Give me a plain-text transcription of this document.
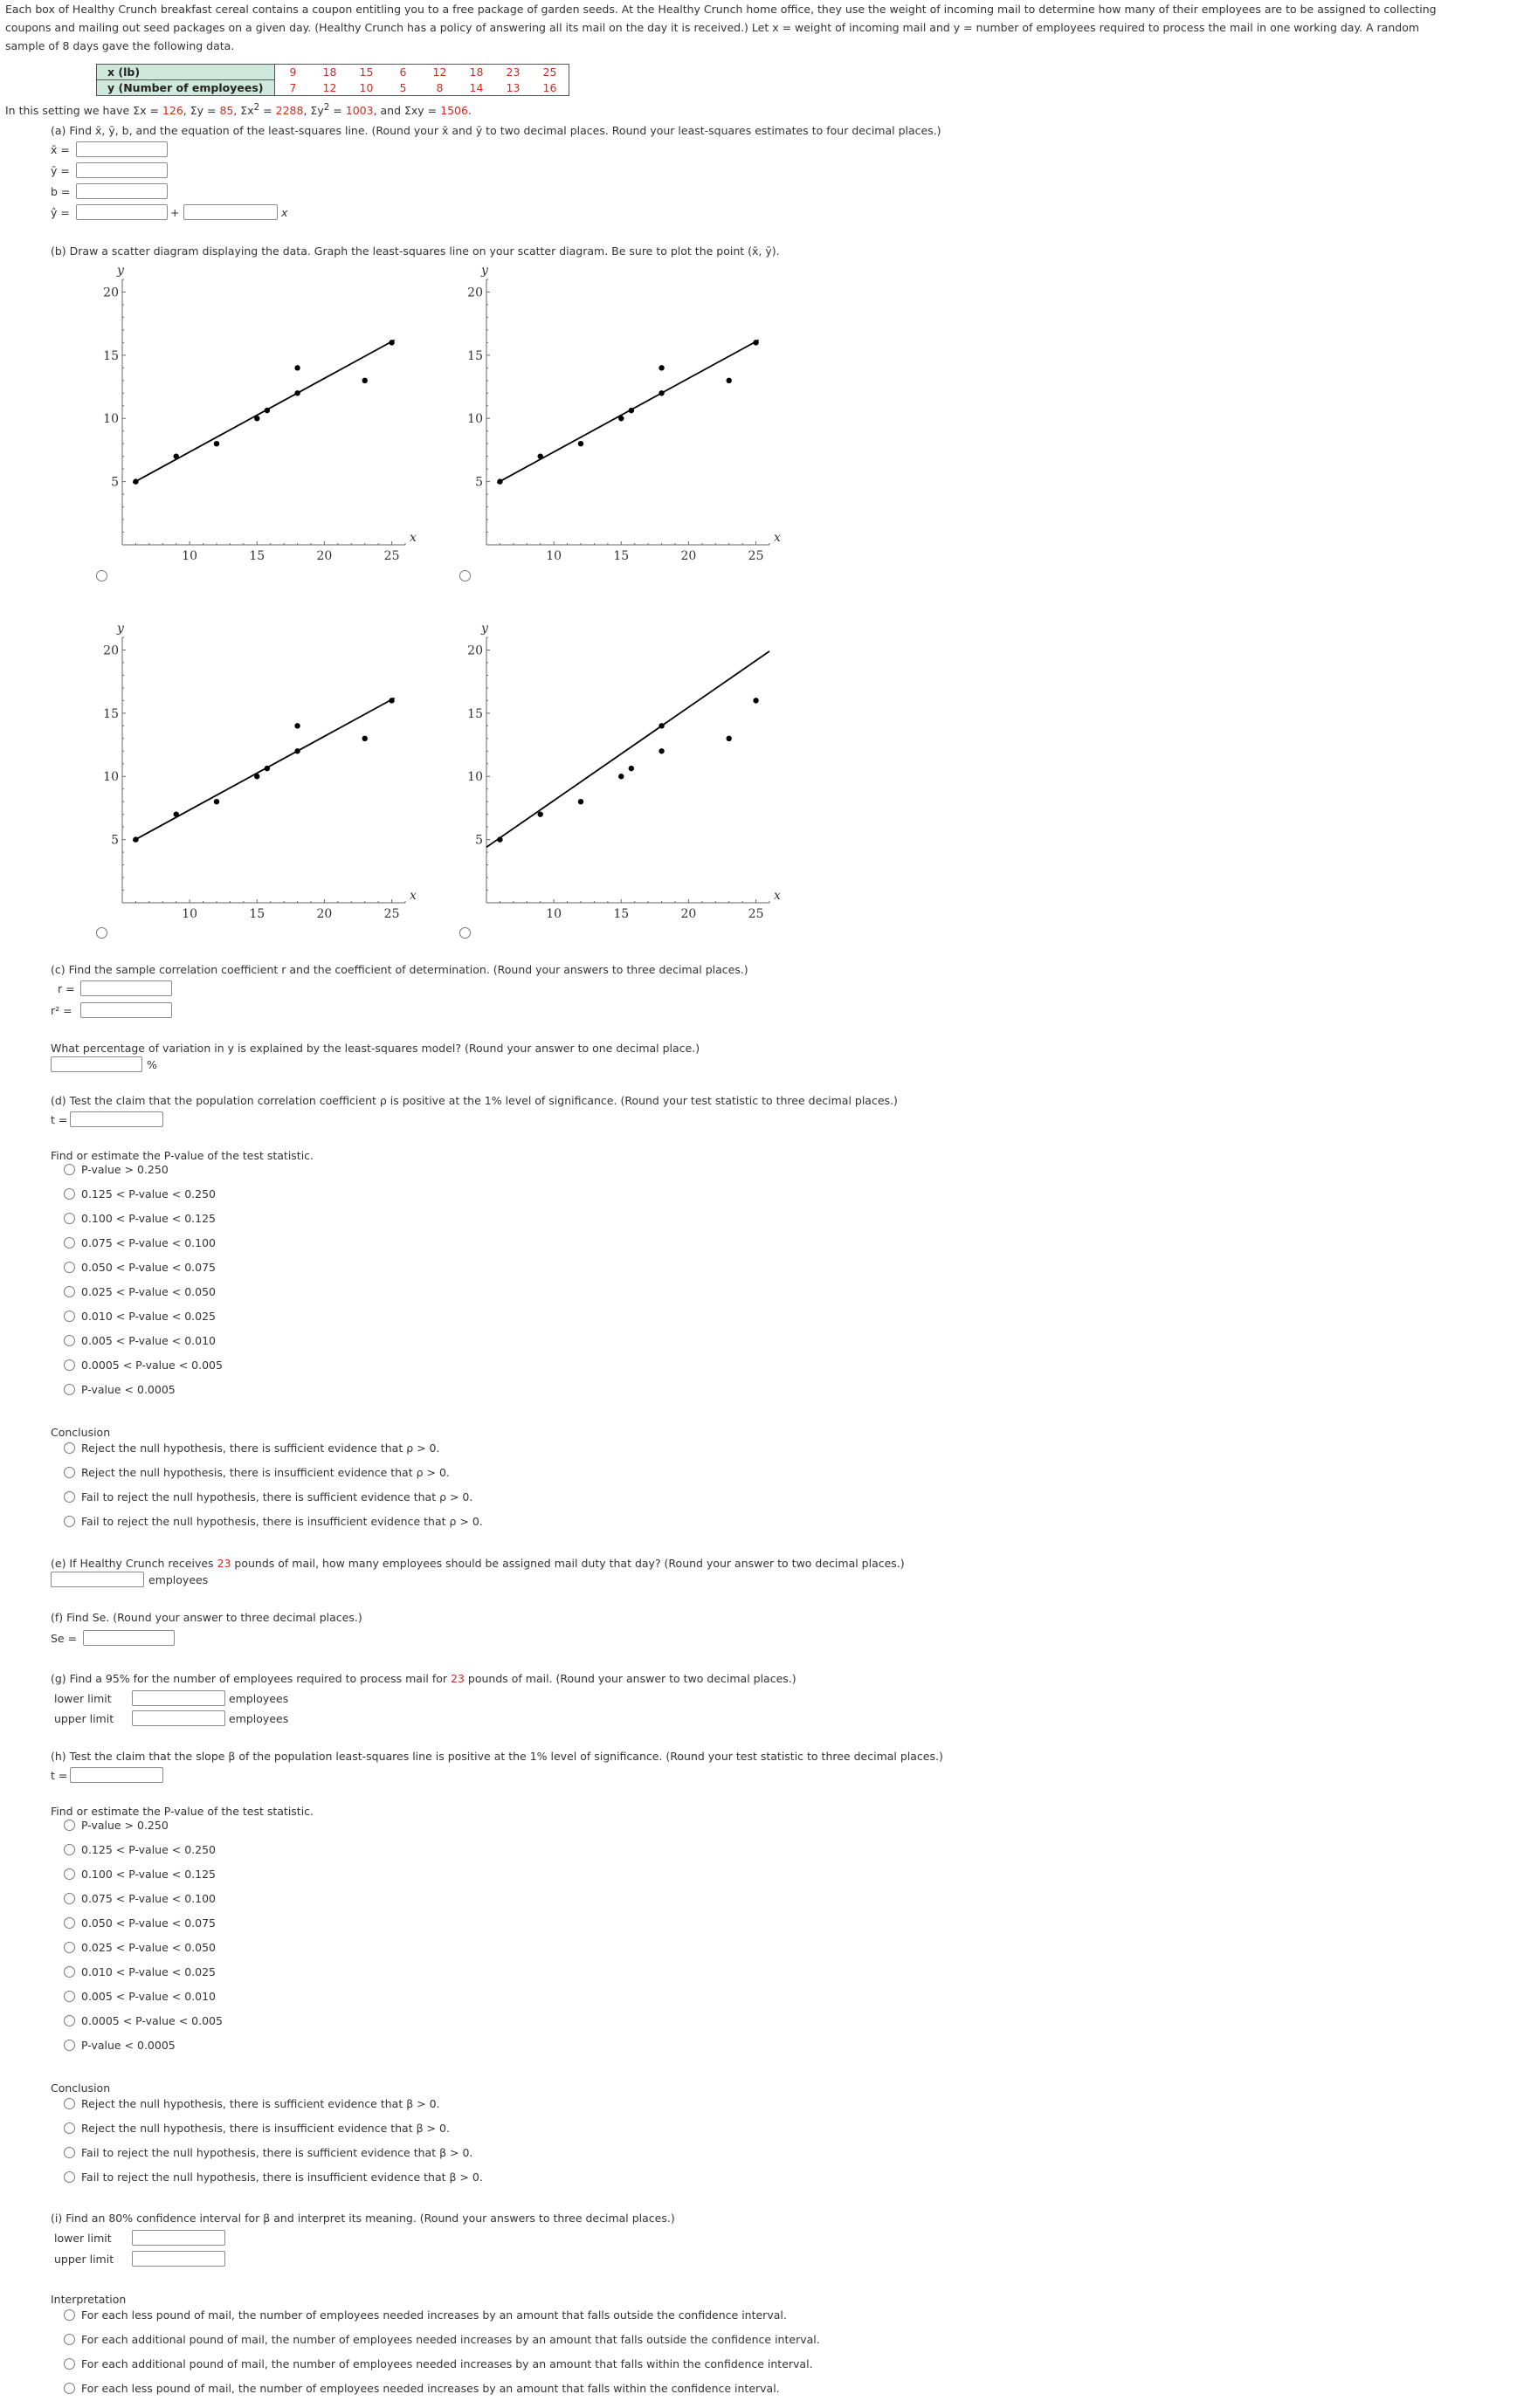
Each box of Healthy Crunch breakfast cereal contains a coupon entitling you to a free package of garden seeds. At the Healthy Crunch home office, they use the weight of incoming mail to determine how many of their employees are to be assigned to collecting
coupons and mailing out seed packages on a given day. (Healthy Crunch has a policy of answering all its mail on the day it is received.) Let x = weight of incoming mail and y = number of employees required to process the mail in one working day. A random
sample of 8 days gave the following data.
x (lb)	9	18	15	6	12	18	23	25
y (Number of employees)	7	12	10	5	8	14	13	16
In this setting we have Σx = 126, Σy = 85, $\Sigma x^2 = 2288$, $\Sigma y^2 = 1003$, and Σxy = 1506.
(a) Find x̄, ȳ, b, and the equation of the least-squares line. (Round your x̄ and ȳ to two decimal places. Round your least-squares estimates to four decimal places.)
x̄ =
ȳ =
b =
ŷ =	+	x
(b) Draw a scatter diagram displaying the data. Graph the least-squares line on your scatter diagram. Be sure to plot the point (x̄, ȳ).
10	15	20	25
5
10
15
20
x
y
10	15	20	25
5
10
15
20
x
y
10	15	20	25
5
10
15
20
x
y
10	15	20	25
5
10
15
20
x
y
(c) Find the sample correlation coefficient r and the coefficient of determination. (Round your answers to three decimal places.)
r =
r² =
What percentage of variation in y is explained by the least-squares model? (Round your answer to one decimal place.)
%
(d) Test the claim that the population correlation coefficient ρ is positive at the 1% level of significance. (Round your test statistic to three decimal places.)
t =
Find or estimate the P-value of the test statistic.
P-value > 0.250
0.125 < P-value < 0.250
0.100 < P-value < 0.125
0.075 < P-value < 0.100
0.050 < P-value < 0.075
0.025 < P-value < 0.050
0.010 < P-value < 0.025
0.005 < P-value < 0.010
0.0005 < P-value < 0.005
P-value < 0.0005
Conclusion
Reject the null hypothesis, there is sufficient evidence that ρ > 0.
Reject the null hypothesis, there is insufficient evidence that ρ > 0.
Fail to reject the null hypothesis, there is sufficient evidence that ρ > 0.
Fail to reject the null hypothesis, there is insufficient evidence that ρ > 0.
(e) If Healthy Crunch receives 23 pounds of mail, how many employees should be assigned mail duty that day? (Round your answer to two decimal places.)
employees
(f) Find Se. (Round your answer to three decimal places.)
Se =
(g) Find a 95% for the number of employees required to process mail for 23 pounds of mail. (Round your answer to two decimal places.)
lower limit	employees
upper limit	employees
(h) Test the claim that the slope β of the population least-squares line is positive at the 1% level of significance. (Round your test statistic to three decimal places.)
t =
Find or estimate the P-value of the test statistic.
P-value > 0.250
0.125 < P-value < 0.250
0.100 < P-value < 0.125
0.075 < P-value < 0.100
0.050 < P-value < 0.075
0.025 < P-value < 0.050
0.010 < P-value < 0.025
0.005 < P-value < 0.010
0.0005 < P-value < 0.005
P-value < 0.0005
Conclusion
Reject the null hypothesis, there is sufficient evidence that β > 0.
Reject the null hypothesis, there is insufficient evidence that β > 0.
Fail to reject the null hypothesis, there is sufficient evidence that β > 0.
Fail to reject the null hypothesis, there is insufficient evidence that β > 0.
(i) Find an 80% confidence interval for β and interpret its meaning. (Round your answers to three decimal places.)
lower limit
upper limit
Interpretation
For each less pound of mail, the number of employees needed increases by an amount that falls outside the confidence interval.
For each additional pound of mail, the number of employees needed increases by an amount that falls outside the confidence interval.
For each additional pound of mail, the number of employees needed increases by an amount that falls within the confidence interval.
For each less pound of mail, the number of employees needed increases by an amount that falls within the confidence interval.
